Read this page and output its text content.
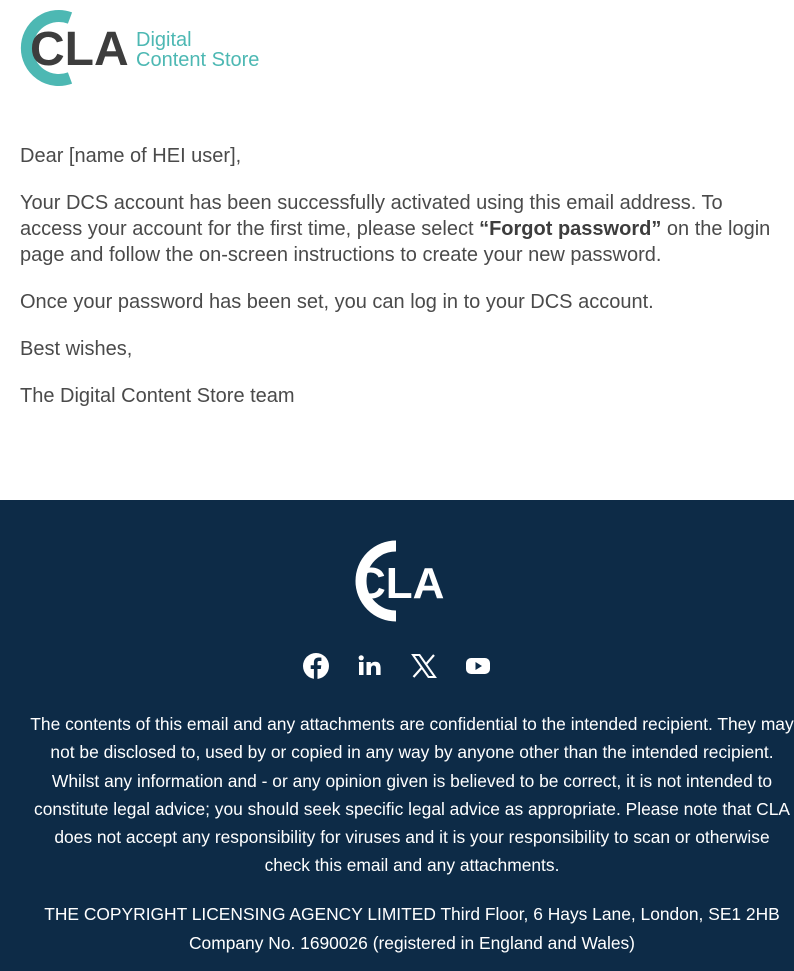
CLA Digital
Content Store

Dear [name of HEI user],

Your DCS account has been successfully activated using this email address. To access your account for the first time, please select “Forgot password” on the login page and follow the on-screen instructions to create your new password.

Once your password has been set, you can log in to your DCS account.

Best wishes,

The Digital Content Store team

CLA
The contents of this email and any attachments are confidential to the intended recipient. They may not be disclosed to, used by or copied in any way by anyone other than the intended recipient. Whilst any information and - or any opinion given is believed to be correct, it is not intended to constitute legal advice; you should seek specific legal advice as appropriate. Please note that CLA does not accept any responsibility for viruses and it is your responsibility to scan or otherwise check this email and any attachments.
THE COPYRIGHT LICENSING AGENCY LIMITED Third Floor, 6 Hays Lane, London, SE1 2HB Company No. 1690026 (registered in England and Wales)
